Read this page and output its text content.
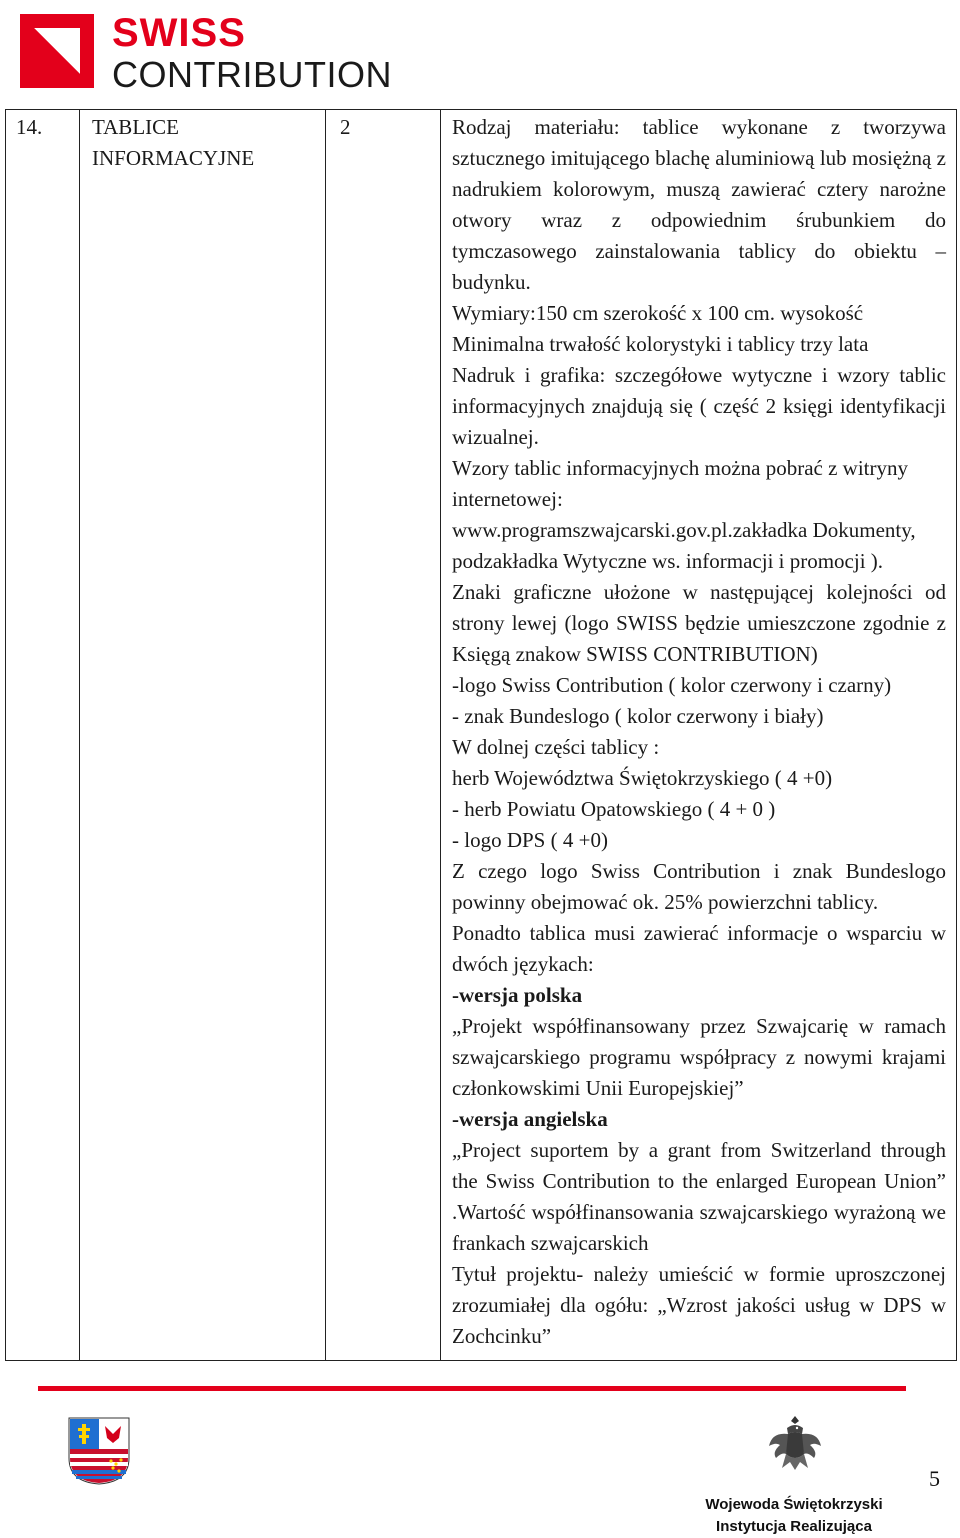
SWISS
CONTRIBUTION
14.	TABLICE
INFORMACYJNE
	2	Rodzaj materiału: tablice wykonane z tworzywa sztucznego imitującego blachę aluminiową lub mosiężną z nadrukiem kolorowym, muszą zawierać cztery narożne otwory wraz z odpowiednim śrubunkiem do tymczasowego zainstalowania tablicy do obiektu – budynku.

Wymiary:150 cm szerokość x 100 cm. wysokość

Minimalna trwałość kolorystyki i tablicy trzy lata

Nadruk i grafika: szczegółowe wytyczne i wzory tablic informacyjnych znajdują się ( część 2 księgi identyfikacji wizualnej.

Wzory tablic informacyjnych można pobrać z witryny internetowej:

www.programszwajcarski.gov.pl.zakładka Dokumenty, podzakładka Wytyczne ws. informacji i promocji ).

Znaki graficzne ułożone w następującej kolejności od strony lewej (logo SWISS będzie umieszczone zgodnie z Księgą znakow SWISS CONTRIBUTION)

-logo Swiss Contribution ( kolor czerwony i czarny)

- znak Bundeslogo ( kolor czerwony i biały)

W dolnej części tablicy :

herb Województwa Świętokrzyskiego ( 4 +0)

- herb Powiatu Opatowskiego ( 4 + 0 )

- logo DPS ( 4 +0)

Z czego logo Swiss Contribution i znak Bundeslogo powinny obejmować ok. 25% powierzchni tablicy.

Ponadto tablica musi zawierać informacje o wsparciu w dwóch językach:

-wersja polska

„Projekt współfinansowany przez Szwajcarię w ramach szwajcarskiego programu współpracy z nowymi krajami członkowskimi Unii Europejskiej”

-wersja angielska

„Project suportem by a grant from Switzerland through the Swiss Contribution to the enlarged European Union” .Wartość współfinansowania szwajcarskiego wyrażoną we frankach szwajcarskich

Tytuł projektu- należy umieścić w formie uproszczonej zrozumiałej dla ogółu: „Wzrost jakości usług w DPS w Zochcinku”

Wojewoda Świętokrzyski
Instytucja Realizująca
5
